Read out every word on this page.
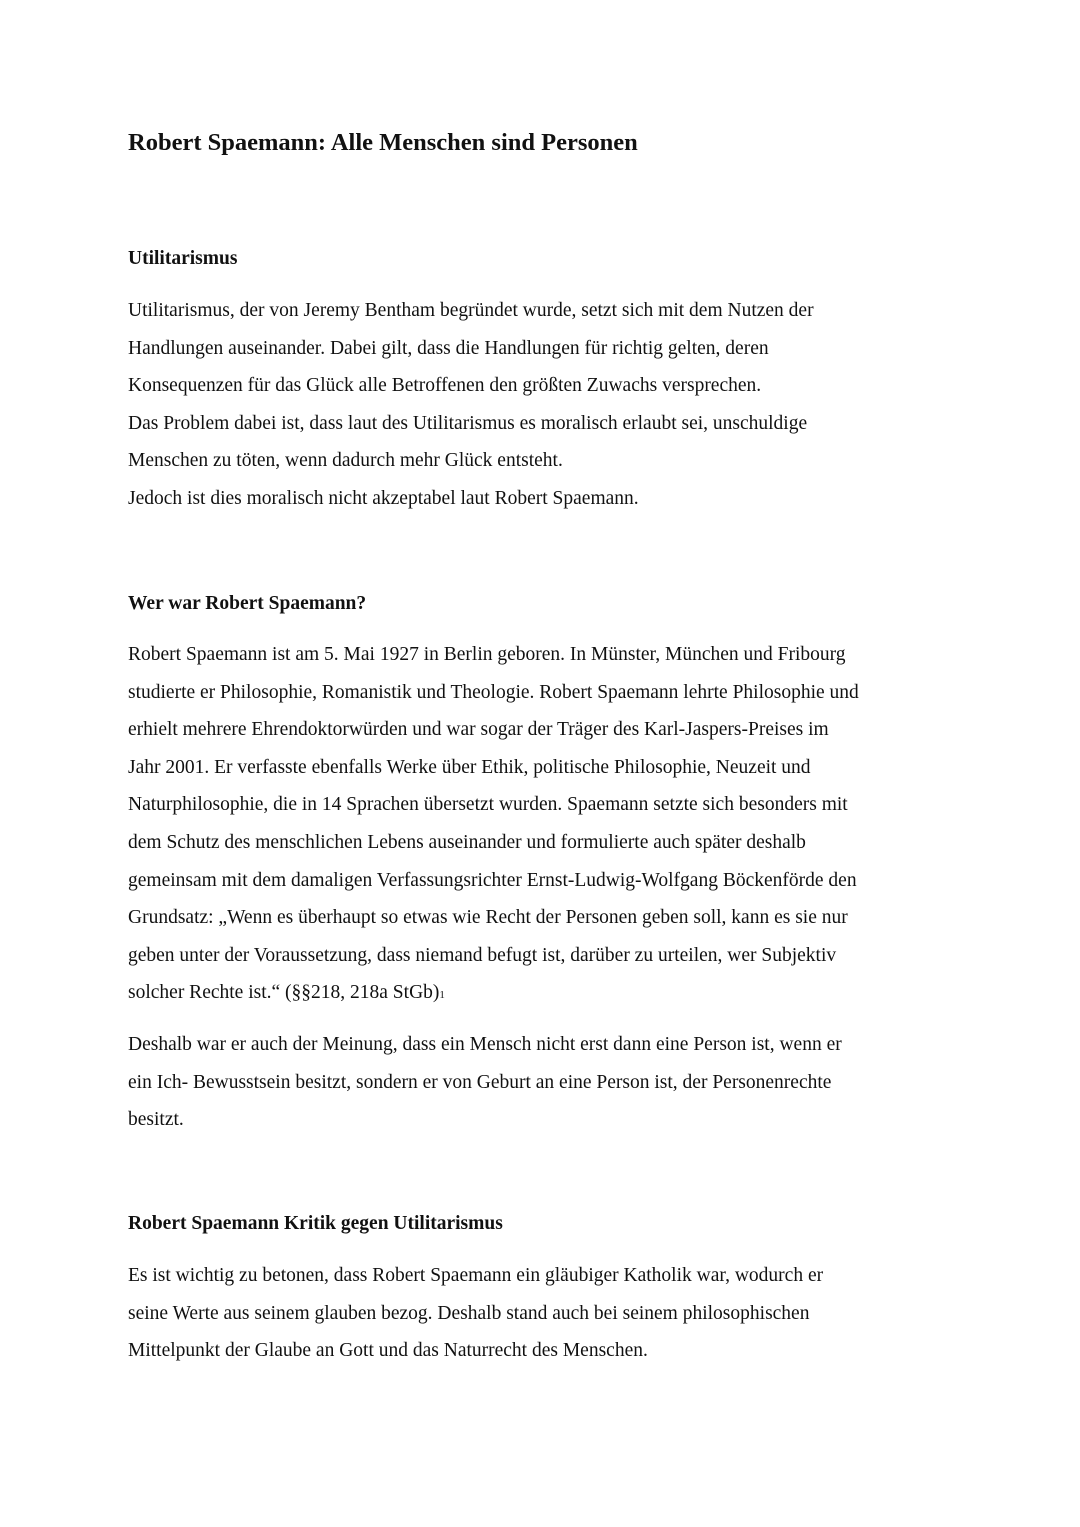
Robert Spaemann: Alle Menschen sind Personen
Utilitarismus
Utilitarismus, der von Jeremy Bentham begründet wurde, setzt sich mit dem Nutzen der
Handlungen auseinander. Dabei gilt, dass die Handlungen für richtig gelten, deren
Konsequenzen für das Glück alle Betroffenen den größten Zuwachs versprechen.
Das Problem dabei ist, dass laut des Utilitarismus es moralisch erlaubt sei, unschuldige
Menschen zu töten, wenn dadurch mehr Glück entsteht.
Jedoch ist dies moralisch nicht akzeptabel laut Robert Spaemann.
Wer war Robert Spaemann?
Robert Spaemann ist am 5. Mai 1927 in Berlin geboren. In Münster, München und Fribourg
studierte er Philosophie, Romanistik und Theologie. Robert Spaemann lehrte Philosophie und
erhielt mehrere Ehrendoktorwürden und war sogar der Träger des Karl-Jaspers-Preises im
Jahr 2001. Er verfasste ebenfalls Werke über Ethik, politische Philosophie, Neuzeit und
Naturphilosophie, die in 14 Sprachen übersetzt wurden. Spaemann setzte sich besonders mit
dem Schutz des menschlichen Lebens auseinander und formulierte auch später deshalb
gemeinsam mit dem damaligen Verfassungsrichter Ernst-Ludwig-Wolfgang Böckenförde den
Grundsatz: „Wenn es überhaupt so etwas wie Recht der Personen geben soll, kann es sie nur
geben unter der Voraussetzung, dass niemand befugt ist, darüber zu urteilen, wer Subjektiv
solcher Rechte ist.“ (§§218, 218a StGb)1
Deshalb war er auch der Meinung, dass ein Mensch nicht erst dann eine Person ist, wenn er
ein Ich- Bewusstsein besitzt, sondern er von Geburt an eine Person ist, der Personenrechte
besitzt.
Robert Spaemann Kritik gegen Utilitarismus
Es ist wichtig zu betonen, dass Robert Spaemann ein gläubiger Katholik war, wodurch er
seine Werte aus seinem glauben bezog. Deshalb stand auch bei seinem philosophischen
Mittelpunkt der Glaube an Gott und das Naturrecht des Menschen.
